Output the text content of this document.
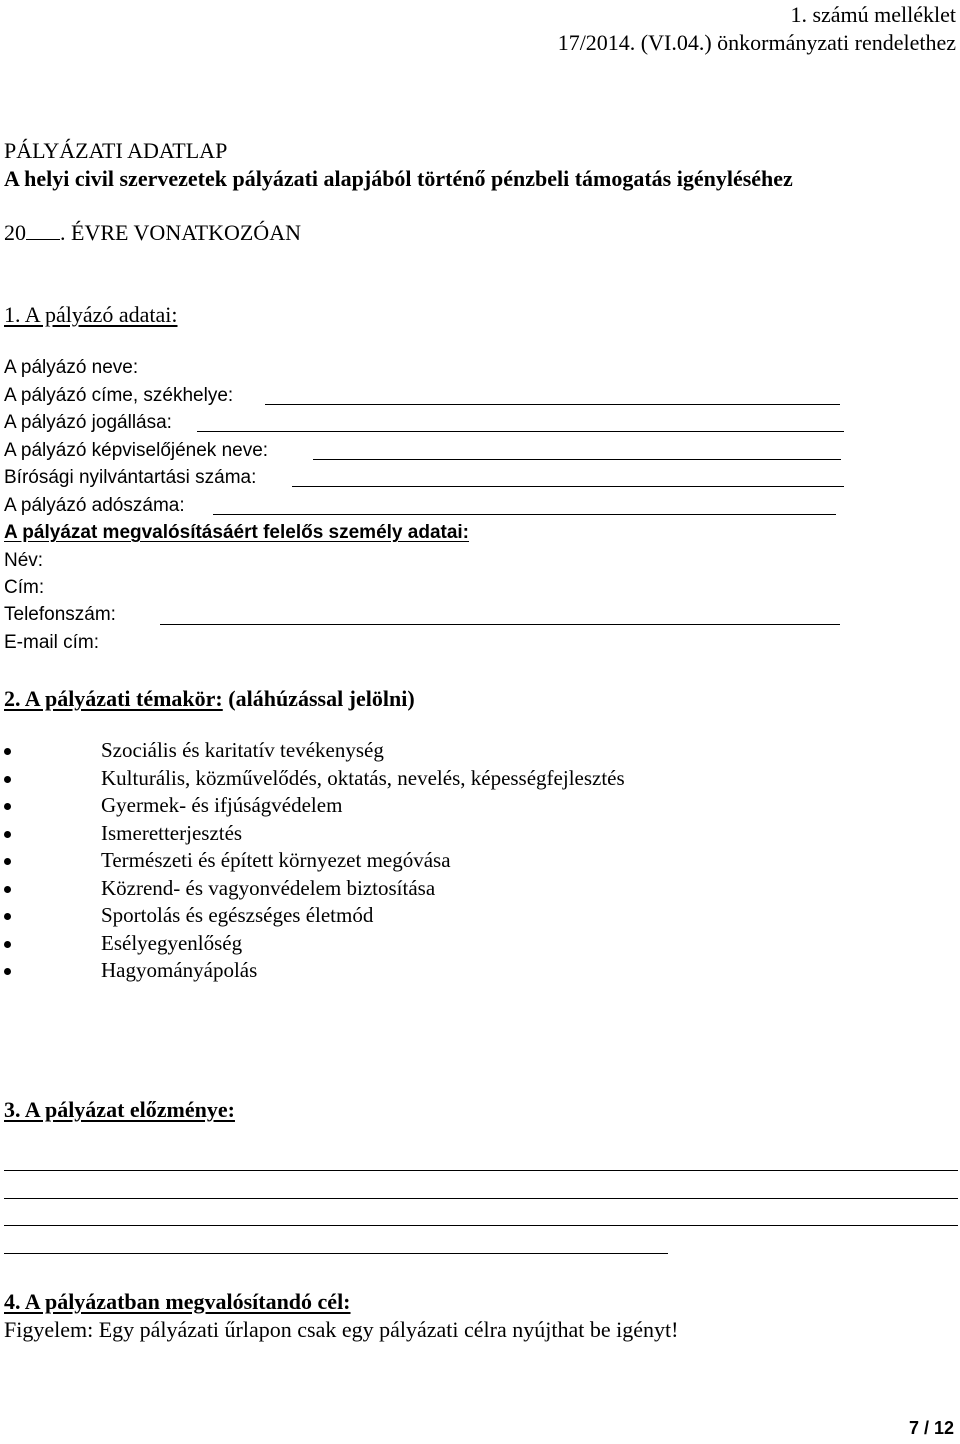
1. számú melléklet
17/2014. (VI.04.) önkormányzati rendelethez
PÁLYÁZATI ADATLAP
A helyi civil szervezetek pályázati alapjából történő pénzbeli támogatás igényléséhez
20 . ÉVRE VONATKOZÓAN
1. A pályázó adatai:
A pályázó neve:
A pályázó címe, székhelye:
A pályázó jogállása:
A pályázó képviselőjének neve:
Bírósági nyilvántartási száma:
A pályázó adószáma:
A pályázat megvalósításáért felelős személy adatai:
Név:
Cím:
Telefonszám:
E-mail cím:
2. A pályázati témakör: (aláhúzással jelölni)
Szociális és karitatív tevékenység
Kulturális, közművelődés, oktatás, nevelés, képességfejlesztés
Gyermek- és ifjúságvédelem
Ismeretterjesztés
Természeti és épített környezet megóvása
Közrend- és vagyonvédelem biztosítása
Sportolás és egészséges életmód
Esélyegyenlőség
Hagyományápolás
3. A pályázat előzménye:
4. A pályázatban megvalósítandó cél:
Figyelem: Egy pályázati űrlapon csak egy pályázati célra nyújthat be igényt!
7 / 12
